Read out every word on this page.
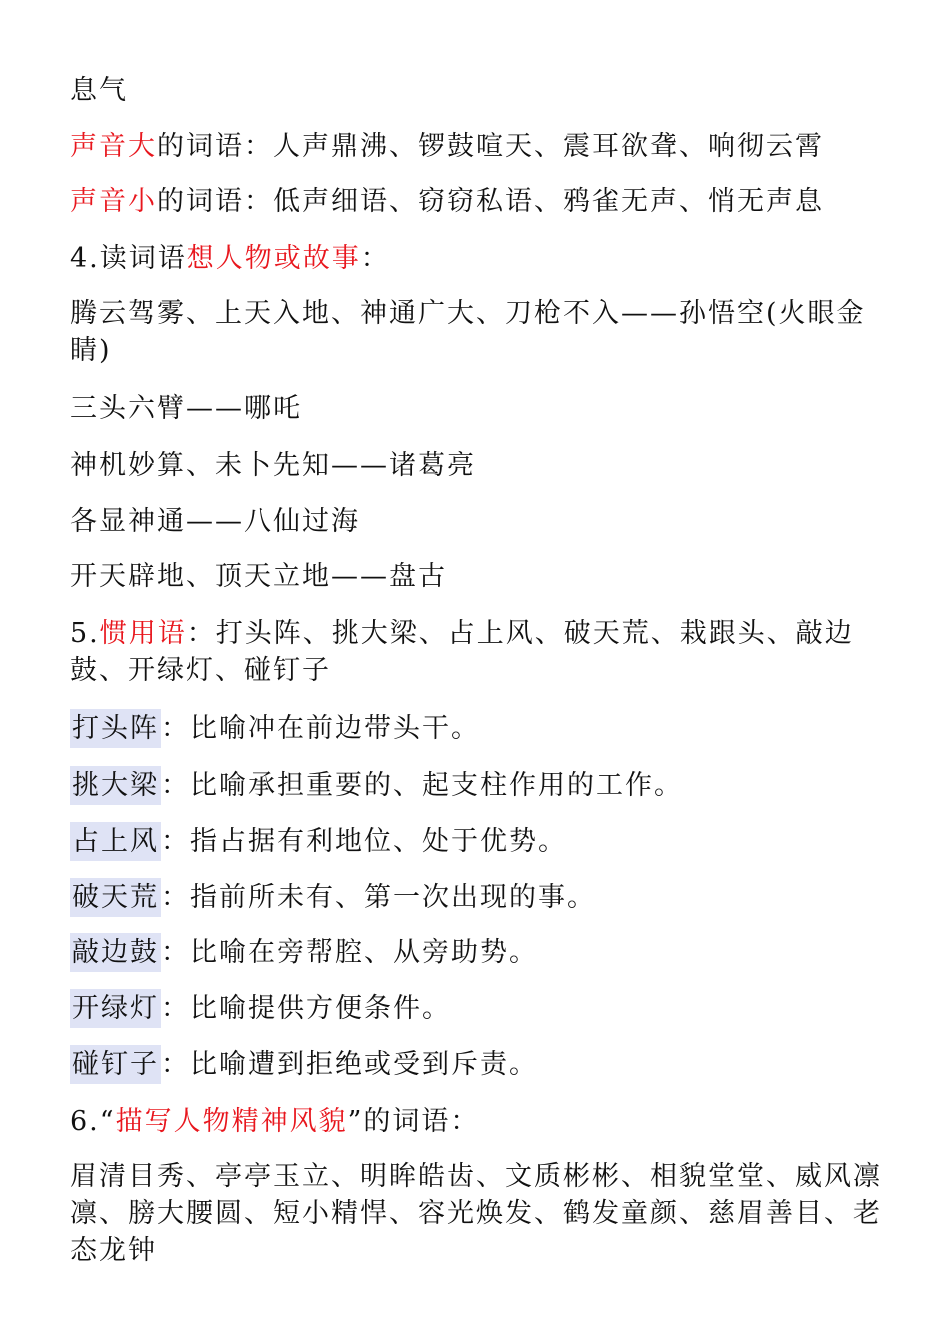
息气

声音大的词语：人声鼎沸、锣鼓喧天、震耳欲聋、响彻云霄

声音小的词语：低声细语、窃窃私语、鸦雀无声、悄无声息

4.读词语想人物或故事：

腾云驾雾、上天入地、神通广大、刀枪不入——孙悟空(火眼金睛)

三头六臂——哪吒

神机妙算、未卜先知——诸葛亮

各显神通——八仙过海

开天辟地、顶天立地——盘古

5.惯用语：打头阵、挑大梁、占上风、破天荒、栽跟头、敲边鼓、开绿灯、碰钉子

打头阵：比喻冲在前边带头干。

挑大梁：比喻承担重要的、起支柱作用的工作。

占上风：指占据有利地位、处于优势。

破天荒：指前所未有、第一次出现的事。

敲边鼓：比喻在旁帮腔、从旁助势。

开绿灯：比喻提供方便条件。

碰钉子：比喻遭到拒绝或受到斥责。

6.“描写人物精神风貌”的词语：

眉清目秀、亭亭玉立、明眸皓齿、文质彬彬、相貌堂堂、威风凛凛、膀大腰圆、短小精悍、容光焕发、鹤发童颜、慈眉善目、老态龙钟
